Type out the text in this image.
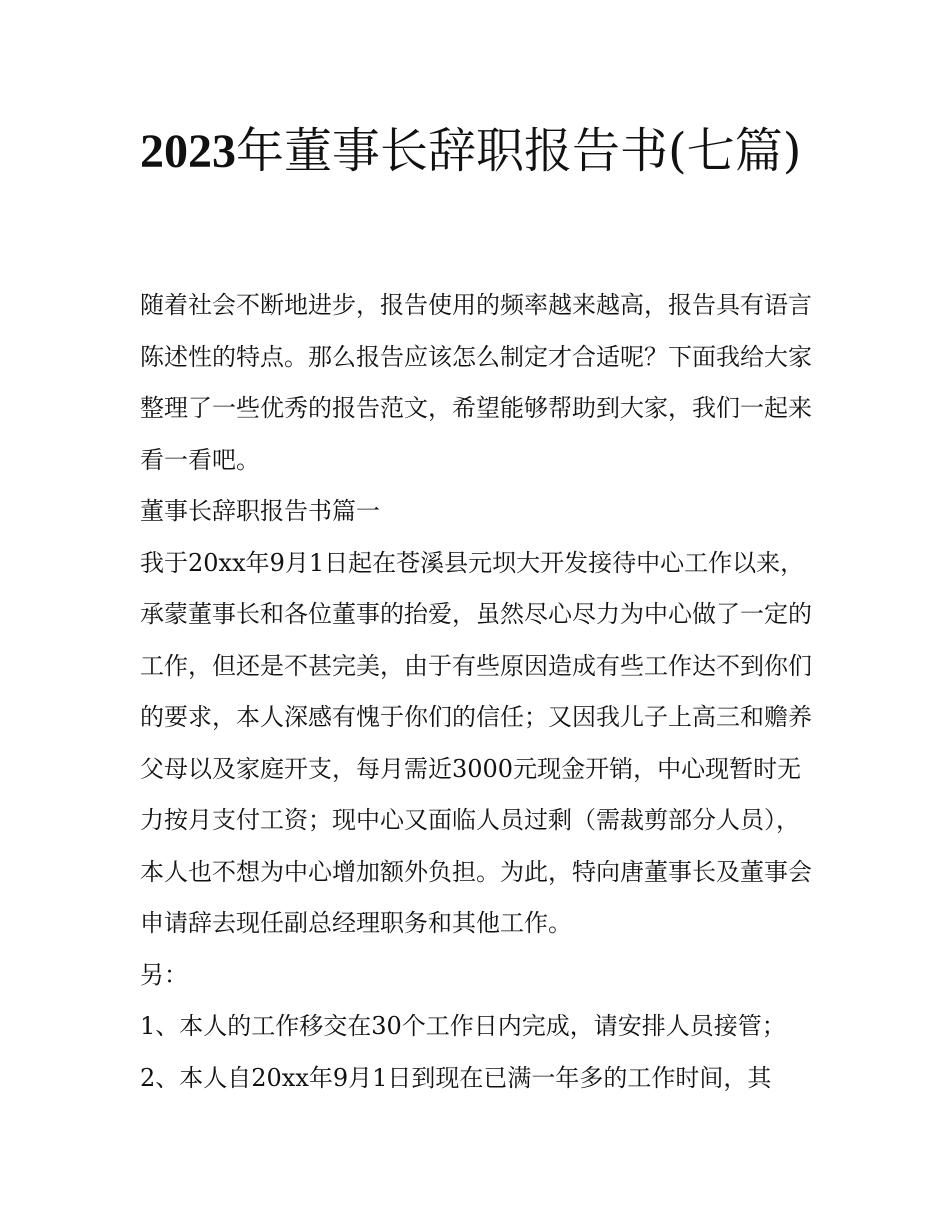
2023年董事长辞职报告书(七篇)

随着社会不断地进步，报告使用的频率越来越高，报告具有语言陈述性的特点。那么报告应该怎么制定才合适呢？下面我给大家整理了一些优秀的报告范文，希望能够帮助到大家，我们一起来看一看吧。

董事长辞职报告书篇一

我于20xx年9月1日起在苍溪县元坝大开发接待中心工作以来，承蒙董事长和各位董事的抬爱，虽然尽心尽力为中心做了一定的工作，但还是不甚完美，由于有些原因造成有些工作达不到你们的要求，本人深感有愧于你们的信任；又因我儿子上高三和赡养父母以及家庭开支，每月需近3000元现金开销，中心现暂时无力按月支付工资；现中心又面临人员过剩（需裁剪部分人员），本人也不想为中心增加额外负担。为此，特向唐董事长及董事会申请辞去现任副总经理职务和其他工作。

另：

1、本人的工作移交在30个工作日内完成，请安排人员接管；

2、本人自20xx年9月1日到现在已满一年多的工作时间，其
